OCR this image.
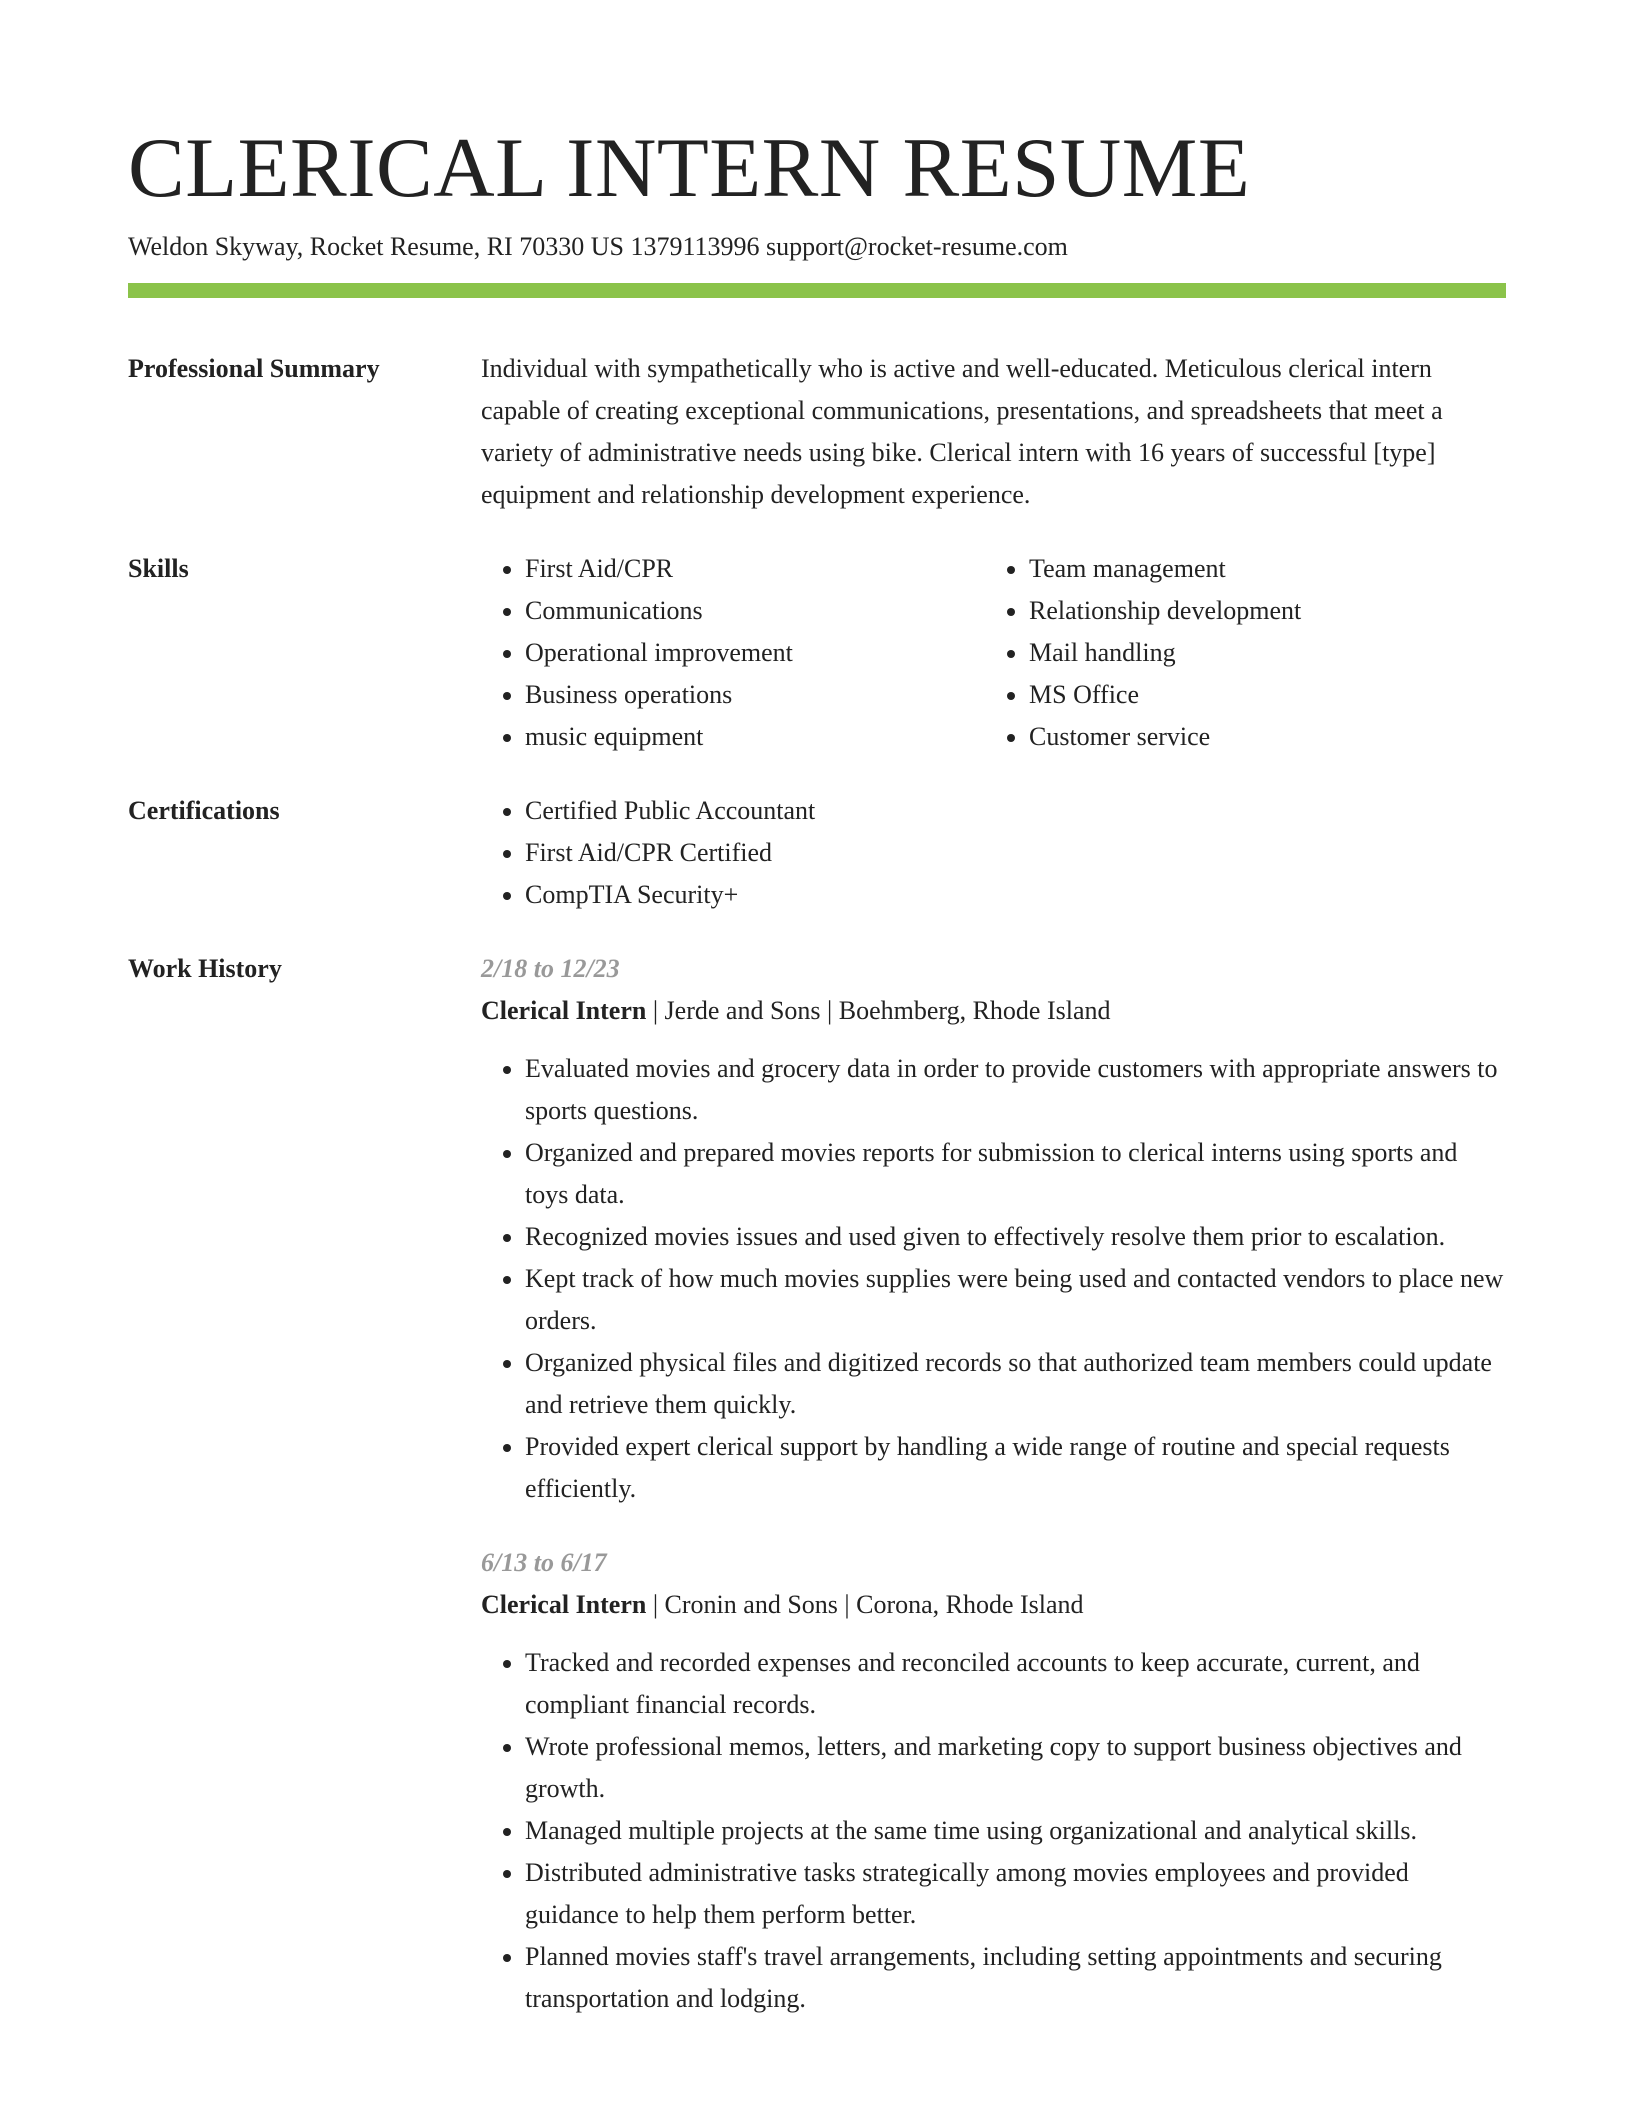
CLERICAL INTERN RESUME
Weldon Skyway, Rocket Resume, RI 70330 US 1379113996 support@rocket-resume.com
Professional Summary	Individual with sympathetically who is active and well-educated. Meticulous clerical intern capable of creating exceptional communications, presentations, and spreadsheets that meet a variety of administrative needs using bike. Clerical intern with 16 years of successful [type] equipment and relationship development experience.

Skills	• First Aid/CPR
• Communications
• Operational improvement
• Business operations
• music equipment
• Team management
• Relationship development
• Mail handling
• MS Office
• Customer service
Certifications	• Certified Public Accountant
• First Aid/CPR Certified
• CompTIA Security+
Work History	2/18 to 12/23
Clerical Intern | Jerde and Sons | Boehmberg, Rhode Island
• Evaluated movies and grocery data in order to provide customers with appropriate answers to sports questions.
• Organized and prepared movies reports for submission to clerical interns using sports and toys data.
• Recognized movies issues and used given to effectively resolve them prior to escalation.
• Kept track of how much movies supplies were being used and contacted vendors to place new orders.
• Organized physical files and digitized records so that authorized team members could update and retrieve them quickly.
• Provided expert clerical support by handling a wide range of routine and special requests efficiently.
6/13 to 6/17
Clerical Intern | Cronin and Sons | Corona, Rhode Island
• Tracked and recorded expenses and reconciled accounts to keep accurate, current, and compliant financial records.
• Wrote professional memos, letters, and marketing copy to support business objectives and growth.
• Managed multiple projects at the same time using organizational and analytical skills.
• Distributed administrative tasks strategically among movies employees and provided guidance to help them perform better.
• Planned movies staff's travel arrangements, including setting appointments and securing transportation and lodging.
